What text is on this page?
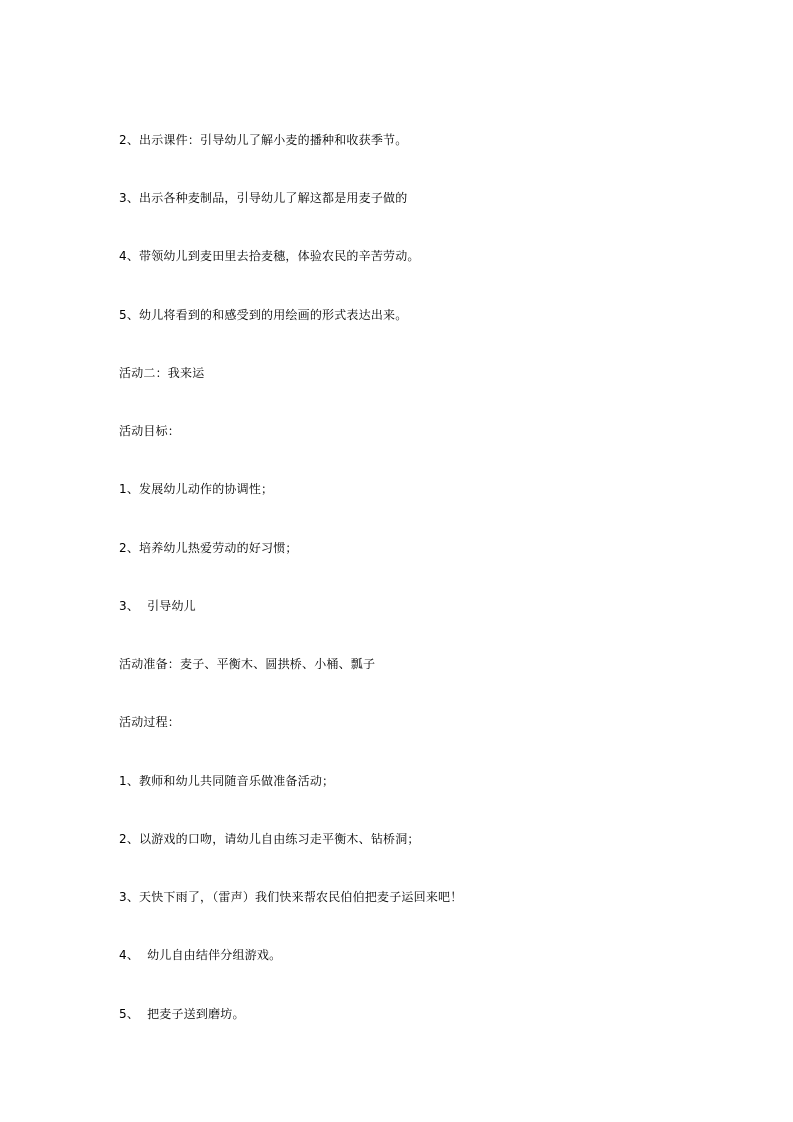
2、出示课件：引导幼儿了解小麦的播种和收获季节。
3、出示各种麦制品，引导幼儿了解这都是用麦子做的
4、带领幼儿到麦田里去拾麦穗，体验农民的辛苦劳动。
5、幼儿将看到的和感受到的用绘画的形式表达出来。
活动二：我来运
活动目标：
1、发展幼儿动作的协调性；
2、培养幼儿热爱劳动的好习惯；
3、  引导幼儿
活动准备：麦子、平衡木、圆拱桥、小桶、瓢子
活动过程：
1、教师和幼儿共同随音乐做准备活动；
2、以游戏的口吻，请幼儿自由练习走平衡木、钻桥洞；
3、天快下雨了，（雷声）我们快来帮农民伯伯把麦子运回来吧！
4、  幼儿自由结伴分组游戏。
5、  把麦子送到磨坊。
